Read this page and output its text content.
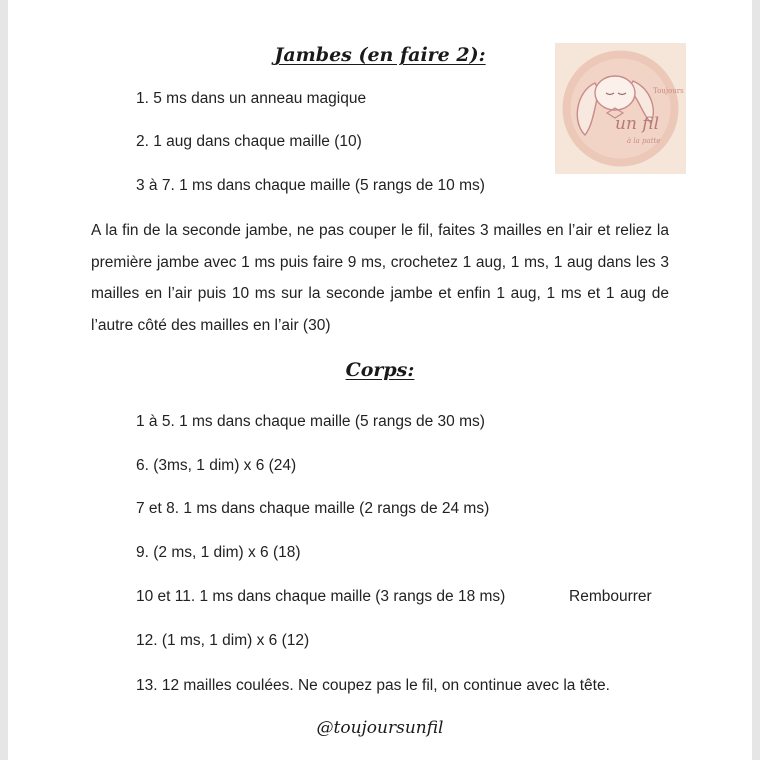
Jambes (en faire 2):
Toujours
un fil
à la patte
1. 5 ms dans un anneau magique
2. 1 aug dans chaque maille (10)
3 à 7. 1 ms dans chaque maille (5 rangs de 10 ms)

A la fin de la seconde jambe, ne pas couper le fil, faites 3 mailles en l’air et reliez la première jambe avec 1 ms puis faire 9 ms, crochetez 1 aug, 1 ms, 1 aug dans les 3 mailles en l’air puis 10 ms sur la seconde jambe et enfin 1 aug, 1 ms et 1 aug de l’autre côté des mailles en l’air (30)

Corps:
1 à 5. 1 ms dans chaque maille (5 rangs de 30 ms)
6. (3ms, 1 dim) x 6 (24)
7 et 8. 1 ms dans chaque maille (2 rangs de 24 ms)
9. (2 ms, 1 dim) x 6 (18)
10 et 11. 1 ms dans chaque maille (3 rangs de 18 ms)	Rembourrer
12. (1 ms, 1 dim) x 6 (12)
13. 12 mailles coulées. Ne coupez pas le fil, on continue avec la tête.
@toujoursunfil
